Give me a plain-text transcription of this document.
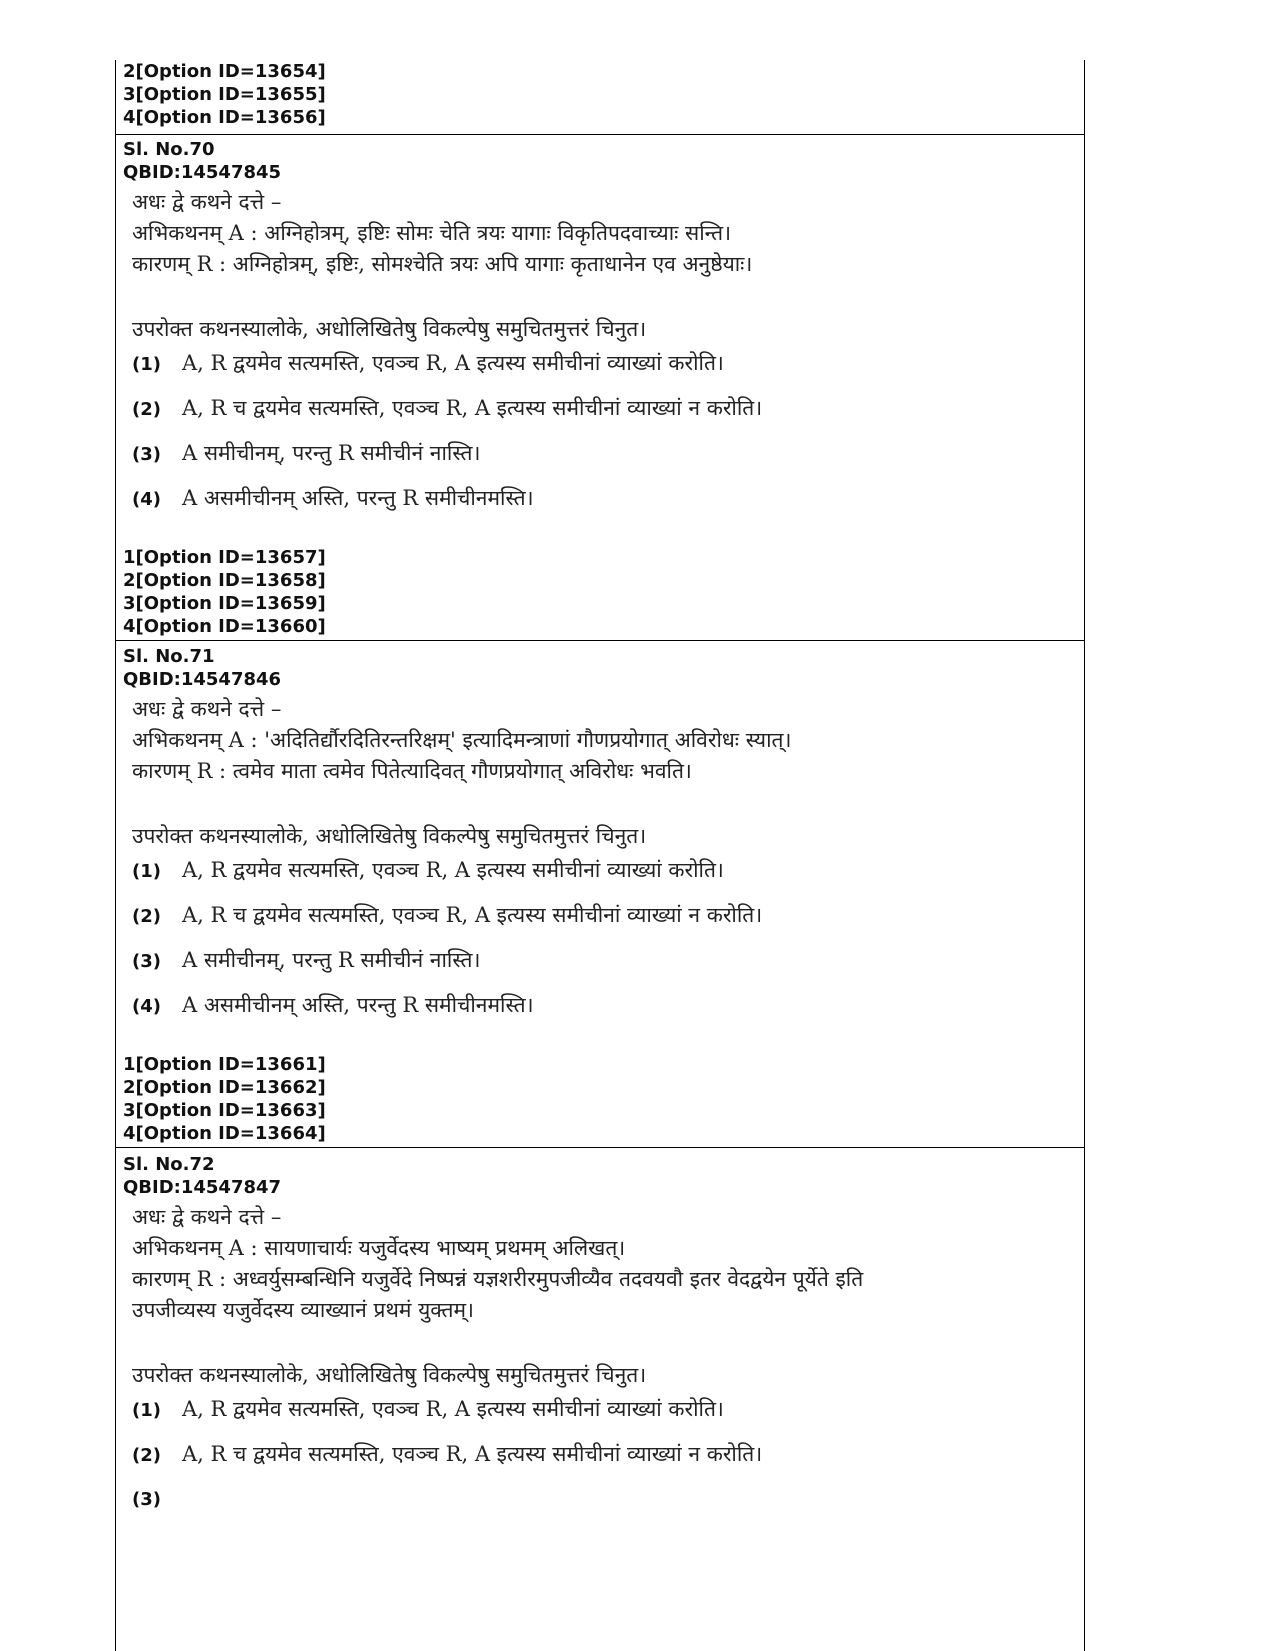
2[Option ID=13654]
3[Option ID=13655]
4[Option ID=13656]
Sl. No.70
QBID:14547845
अधः द्वे कथने दत्ते –
अभिकथनम् A : अग्निहोत्रम्, इष्टिः सोमः चेति त्रयः यागाः विकृतिपदवाच्याः सन्ति।
कारणम् R : अग्निहोत्रम्, इष्टिः, सोमश्चेति त्रयः अपि यागाः कृताधानेन एव अनुष्ठेयाः।
उपरोक्त कथनस्यालोके, अधोलिखितेषु विकल्पेषु समुचितमुत्तरं चिनुत।
(1)	A, R द्वयमेव सत्यमस्ति, एवञ्च R, A इत्यस्य समीचीनां व्याख्यां करोति।
(2)	A, R च द्वयमेव सत्यमस्ति, एवञ्च R, A इत्यस्य समीचीनां व्याख्यां न करोति।
(3)	A समीचीनम्, परन्तु R समीचीनं नास्ति।
(4)	A असमीचीनम् अस्ति, परन्तु R समीचीनमस्ति।
1[Option ID=13657]
2[Option ID=13658]
3[Option ID=13659]
4[Option ID=13660]
Sl. No.71
QBID:14547846
अधः द्वे कथने दत्ते –
अभिकथनम् A : 'अदितिर्द्यौरदितिरन्तरिक्षम्' इत्यादिमन्त्राणां गौणप्रयोगात् अविरोधः स्यात्।
कारणम् R : त्वमेव माता त्वमेव पितेत्यादिवत् गौणप्रयोगात् अविरोधः भवति।
उपरोक्त कथनस्यालोके, अधोलिखितेषु विकल्पेषु समुचितमुत्तरं चिनुत।
(1)	A, R द्वयमेव सत्यमस्ति, एवञ्च R, A इत्यस्य समीचीनां व्याख्यां करोति।
(2)	A, R च द्वयमेव सत्यमस्ति, एवञ्च R, A इत्यस्य समीचीनां व्याख्यां न करोति।
(3)	A समीचीनम्, परन्तु R समीचीनं नास्ति।
(4)	A असमीचीनम् अस्ति, परन्तु R समीचीनमस्ति।
1[Option ID=13661]
2[Option ID=13662]
3[Option ID=13663]
4[Option ID=13664]
Sl. No.72
QBID:14547847
अधः द्वे कथने दत्ते –
अभिकथनम् A : सायणाचार्यः यजुर्वेदस्य भाष्यम् प्रथमम् अलिखत्।
कारणम् R : अध्वर्युसम्बन्धिनि यजुर्वेदे निष्पन्नं यज्ञशरीरमुपजीव्यैव तदवयवौ इतर वेदद्वयेन पूर्येते इति
उपजीव्यस्य यजुर्वेदस्य व्याख्यानं प्रथमं युक्तम्।
उपरोक्त कथनस्यालोके, अधोलिखितेषु विकल्पेषु समुचितमुत्तरं चिनुत।
(1)	A, R द्वयमेव सत्यमस्ति, एवञ्च R, A इत्यस्य समीचीनां व्याख्यां करोति।
(2)	A, R च द्वयमेव सत्यमस्ति, एवञ्च R, A इत्यस्य समीचीनां व्याख्यां न करोति।
(3)
